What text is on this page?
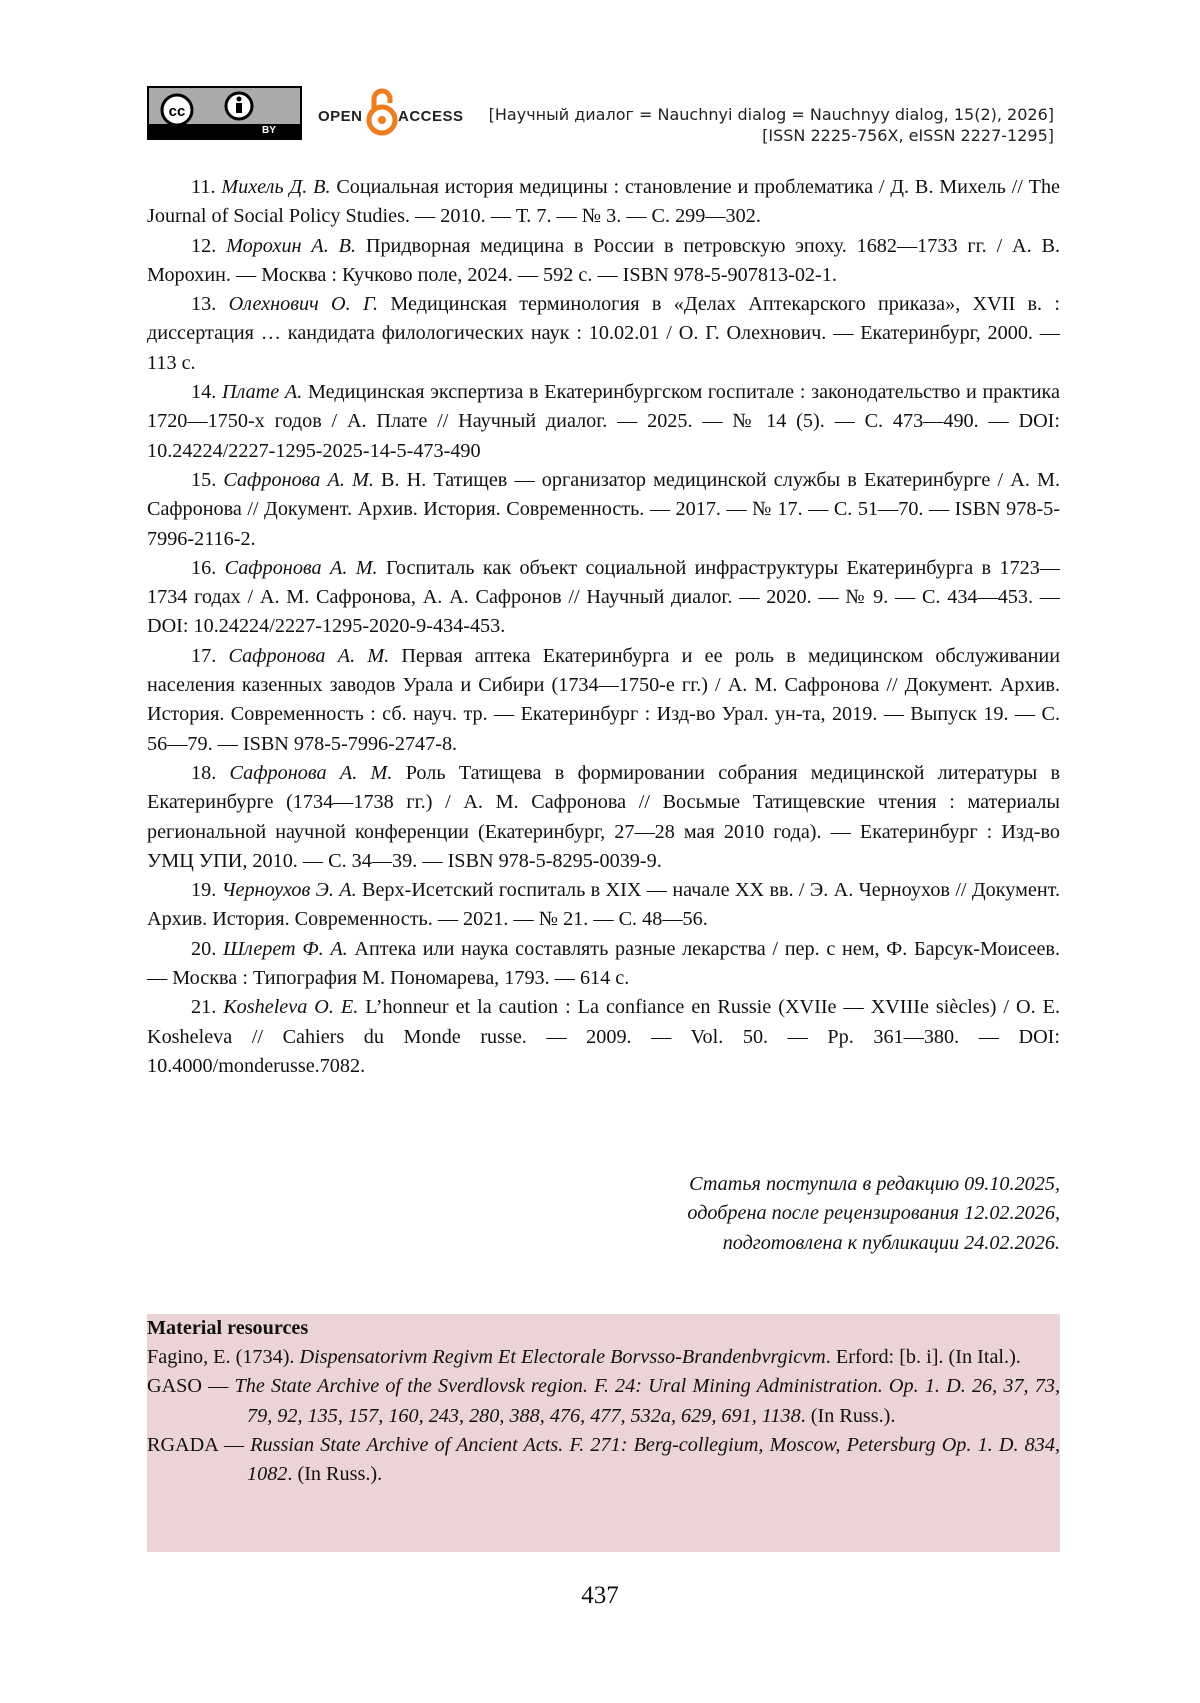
cc
BY
OPEN ACCESS [Научный диалог = Nauchnyi dialog = Nauchnyy dialog, 15(2), 2026]
[ISSN 2225-756X, eISSN 2227-1295]

11. Михель Д. В. Социальная история медицины : становление и проблематика / Д. В. Михель // The Journal of Social Policy Studies. — 2010. — Т. 7. — № 3. — С. 299—302.

12. Морохин А. В. Придворная медицина в России в петровскую эпоху. 1682—1733 гг. / А. В. Морохин. — Москва : Кучково поле, 2024. — 592 с. — ISBN 978-5-907813-02-1.

13. Олехнович О. Г. Медицинская терминология в «Делах Аптекарского приказа», XVII в. : диссертация … кандидата филологических наук : 10.02.01 / О. Г. Олехнович. — Екатеринбург, 2000. — 113 с.

14. Плате А. Медицинская экспертиза в Екатеринбургском госпитале : законодательство и практика 1720—1750-х годов / А. Плате // Научный диалог. — 2025. — № 14 (5). — С. 473—490. — DOI: 10.24224/2227-1295-2025-14-5-473-490

15. Сафронова А. М. В. Н. Татищев — организатор медицинской службы в Екатеринбурге / А. М. Сафронова // Документ. Архив. История. Современность. — 2017. — № 17. — С. 51—70. — ISBN 978-5-7996-2116-2.

16. Сафронова А. М. Госпиталь как объект социальной инфраструктуры Екатеринбурга в 1723—1734 годах / А. М. Сафронова, А. А. Сафронов // Научный диалог. — 2020. — № 9. — С. 434—453. — DOI: 10.24224/2227-1295-2020-9-434-453.

17. Сафронова А. М. Первая аптека Екатеринбурга и ее роль в медицинском обслуживании населения казенных заводов Урала и Сибири (1734—1750-е гг.) / А. М. Сафронова // Документ. Архив. История. Современность : сб. науч. тр. — Екатеринбург : Изд-во Урал. ун-та, 2019. — Выпуск 19. — С. 56—79. — ISBN 978-5-7996-2747-8.

18. Сафронова А. М. Роль Татищева в формировании собрания медицинской литературы в Екатеринбурге (1734—1738 гг.) / А. М. Сафронова // Восьмые Татищевские чтения : материалы региональной научной конференции (Екатеринбург, 27—28 мая 2010 года). — Екатеринбург : Изд-во УМЦ УПИ, 2010. — С. 34—39. — ISBN 978-5-8295-0039-9.

19. Черноухов Э. А. Верх-Исетский госпиталь в XIX — начале XX вв. / Э. А. Черноухов // Документ. Архив. История. Современность. — 2021. — № 21. — С. 48—56.

20. Шлерет Ф. А. Аптека или наука составлять разные лекарства / пер. с нем, Ф. Барсук-Моисеев. — Москва : Типография М. Пономарева, 1793. — 614 с.

21. Kosheleva O. E. L’honneur et la caution : La confiance en Russie (XVIIe — XVIIIe siècles) / O. E. Kosheleva // Cahiers du Monde russe. — 2009. — Vol. 50. — Pp. 361—380. — DOI: 10.4000/monderusse.7082.

Статья поступила в редакцию 09.10.2025,
одобрена после рецензирования 12.02.2026,
подготовлена к публикации 24.02.2026.
Material resources
Fagino, E. (1734). Dispensatorivm Regivm Et Electorale Borvsso-Brandenbvrgicvm. Erford: [b. i]. (In Ital.).
GASO — The State Archive of the Sverdlovsk region. F. 24: Ural Mining Administration. Op. 1. D. 26, 37, 73, 79, 92, 135, 157, 160, 243, 280, 388, 476, 477, 532a, 629, 691, 1138. (In Russ.).
RGADA — Russian State Archive of Ancient Acts. F. 271: Berg-collegium, Moscow, Petersburg Op. 1. D. 834, 1082. (In Russ.).
437
